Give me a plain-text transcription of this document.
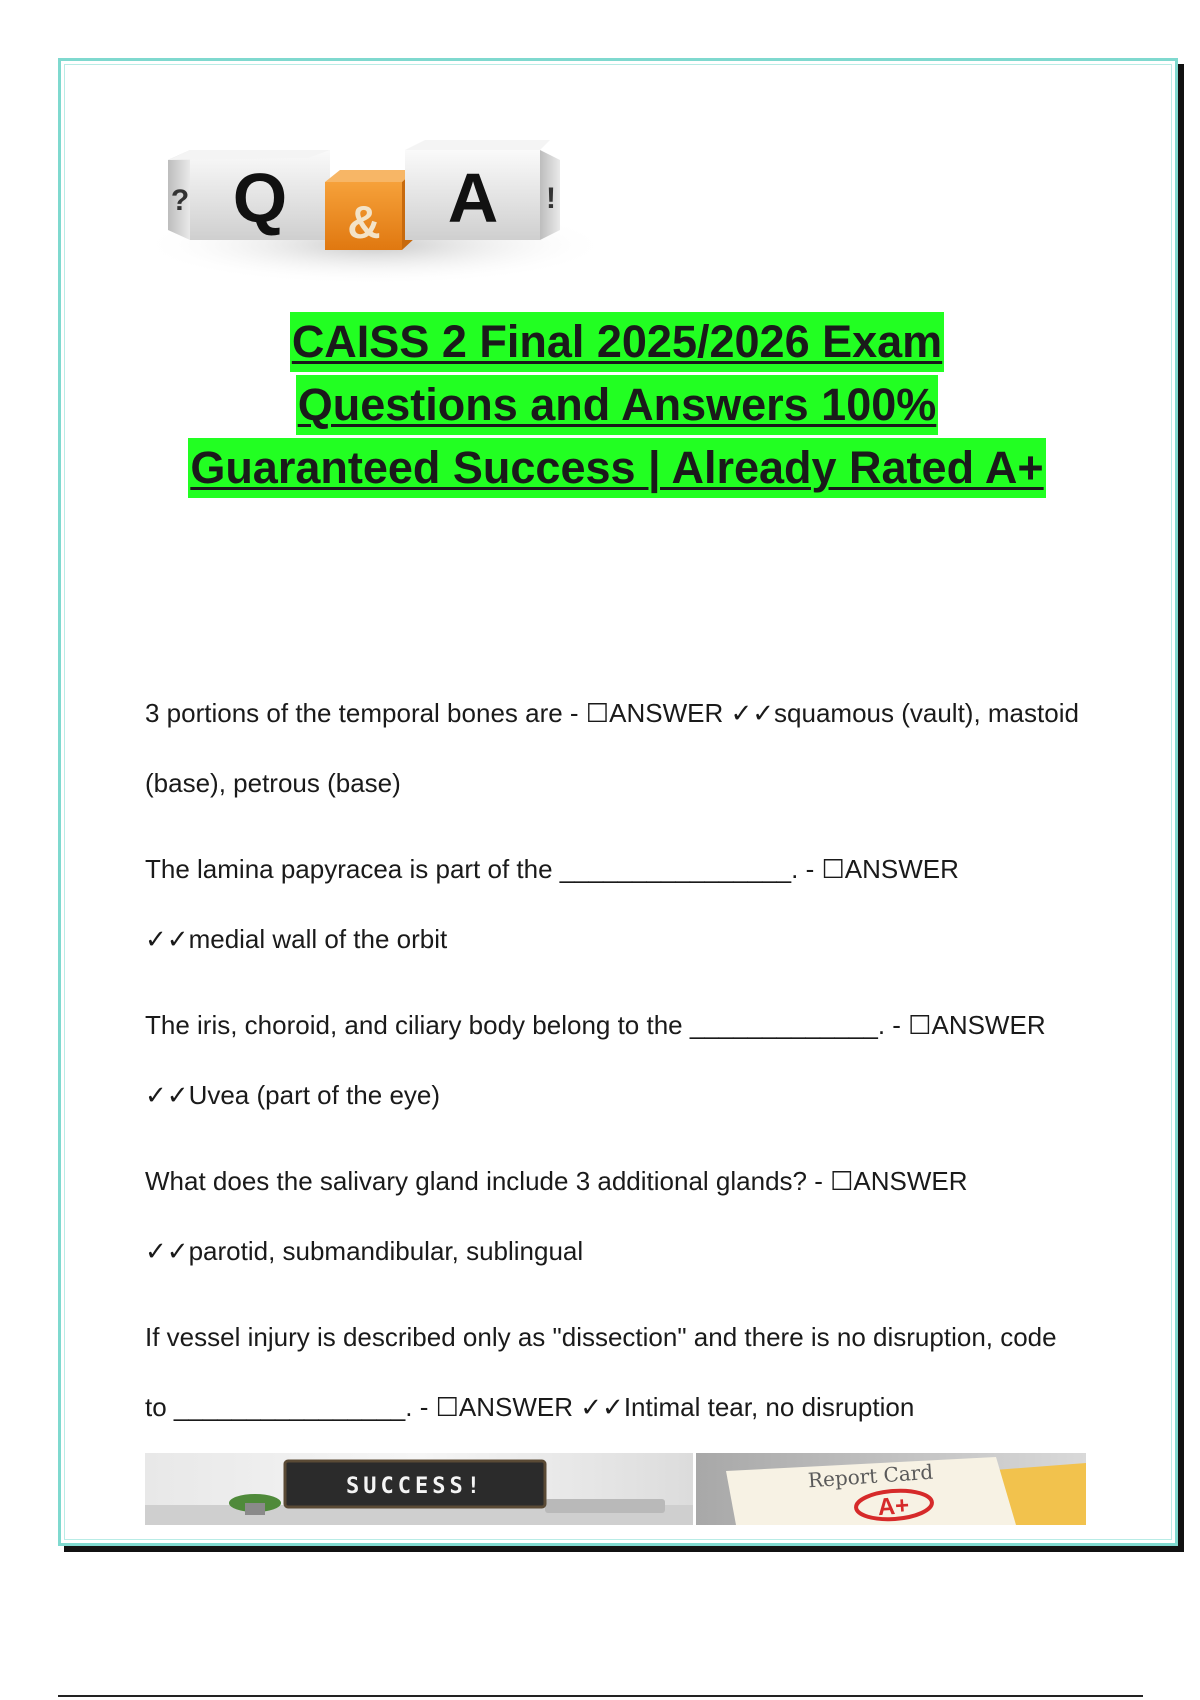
Q
?	& A !
CAISS 2 Final 2025/2026 Exam
Questions and Answers 100%
Guaranteed Success | Already Rated A+

3 portions of the temporal bones are - ☐ANSWER ✓✓squamous (vault), mastoid (base), petrous (base)

The lamina papyracea is part of the ________________. - ☐ANSWER ✓✓medial wall of the orbit

The iris, choroid, and ciliary body belong to the _____________. - ☐ANSWER ✓✓Uvea (part of the eye)

What does the salivary gland include 3 additional glands? - ☐ANSWER ✓✓parotid, submandibular, sublingual

If vessel injury is described only as "dissection" and there is no disruption, code to ________________. - ☐ANSWER ✓✓Intimal tear, no disruption

SUCCESS!	Report Card
A+
